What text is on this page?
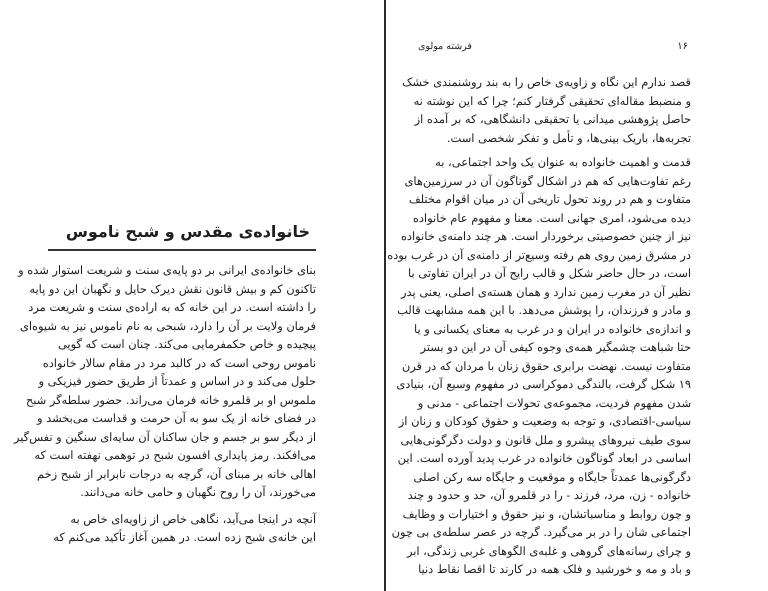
خانواده‌ی مقدس و شبح ناموس
بنای خانواده‌ی ایرانی بر دو پایه‌ی سنت و شریعت استوار شده و
تاکنون کم و بیش قانون نقش دیرک حایل و نگهبان این دو پایه
را داشته است. در این خانه که به اراده‌ی سنت و شریعت مرد
فرمان ولایت بر آن را دارد، شبحی به نام ناموس نیز به شیوه‌ای
پیچیده و خاص حکمفرمایی می‌کند. چنان است که گویی
ناموس روحی است که در کالبد مرد در مقام سالار خانواده
حلول می‌کند و در اساس و عمدتاً از طریق حضور فیزیکی و
ملموس او بر قلمرو خانه فرمان می‌راند. حضور سلطه‌گر شبح
در فضای خانه از یک سو به آن حرمت و قداست می‌بخشد و
از دیگر سو بر جسم و جان ساکنان آن سایه‌ای سنگین و نفس‌گیر
می‌افکند. رمز پایداری افسون شبح در توهمی نهفته است که
اهالی خانه بر مبنای آن، گرچه به درجات نابرابر از شبح زخم
می‌خورند، آن را روح نگهبان و حامی خانه می‌دانند.
آنچه در اینجا می‌آید، نگاهی خاص از زاویه‌ای خاص به
این خانه‌ی شبح زده است. در همین آغاز تأکید می‌کنم که
۱۶
فرشته مولوی
قصد ندارم این نگاه و زاویه‌ی خاص را به بند روشنمندی خشک
و منضبط مقاله‌ای تحقیقی گرفتار کنم؛ چرا که این نوشته نه
حاصل پژوهشی میدانی یا تحقیقی دانشگاهی، که بر آمده از
تجربه‌ها، باریک بینی‌ها، و تأمل و تفکر شخصی است.
قدمت و اهمیت خانواده به عنوان یک واحد اجتماعی، به
رغم تفاوت‌هایی که هم در اشکال گوناگون آن در سرزمین‌های
متفاوت و هم در روند تحول تاریخی آن در میان اقوام مختلف
دیده می‌شود، امری جهانی است. معنا و مفهوم عام خانواده
نیز از چنین خصوصیتی برخوردار است. هر چند دامنه‌ی خانواده
در مشرق زمین روی هم رفته وسیع‌تر از دامنه‌ی آن در غرب بوده
است، در حال حاضر شکل و قالب رایج آن در ایران تفاوتی با
نظیر آن در مغرب زمین ندارد و همان هسته‌ی اصلی، یعنی پدر
و مادر و فرزندان، را پوشش می‌دهد. با این همه مشابهت قالب
و اندازه‌ی خانواده در ایران و در غرب به معنای یکسانی و یا
حتا شباهت چشمگیر همه‌ی وجوه کیفی آن در این دو بستر
متفاوت نیست. نهضت برابری حقوق زنان با مردان که در قرن
۱۹ شکل گرفت، بالندگی دموکراسی در مفهوم وسیع آن، بنیادی
شدن مفهوم فردیت، مجموعه‌ی تحولات اجتماعی - مدنی و
سیاسی-اقتصادی، و توجه به وضعیت و حقوق کودکان و زنان از
سوی طیف نیروهای پیشرو و ملل قانون و دولت دگرگونی‌هایی
اساسی در ابعاد گوناگون خانواده در غرب پدید آورده است. این
دگرگونی‌ها عمدتاً جایگاه و موقعیت و جایگاه سه رکن اصلی
خانواده - زن، مرد، فرزند - را در قلمرو آن، حد و حدود و چند
و چون روابط و مناسباتشان، و نیز حقوق و اختیارات و وظایف
اجتماعی شان را در بر می‌گیرد. گرچه در عصر سلطه‌ی بی چون
و چرای رسانه‌های گروهی و غلبه‌ی الگوهای غربی زندگی، ابر
و باد و مه و خورشید و فلک همه در کارند تا اقصا نقاط دنیا
